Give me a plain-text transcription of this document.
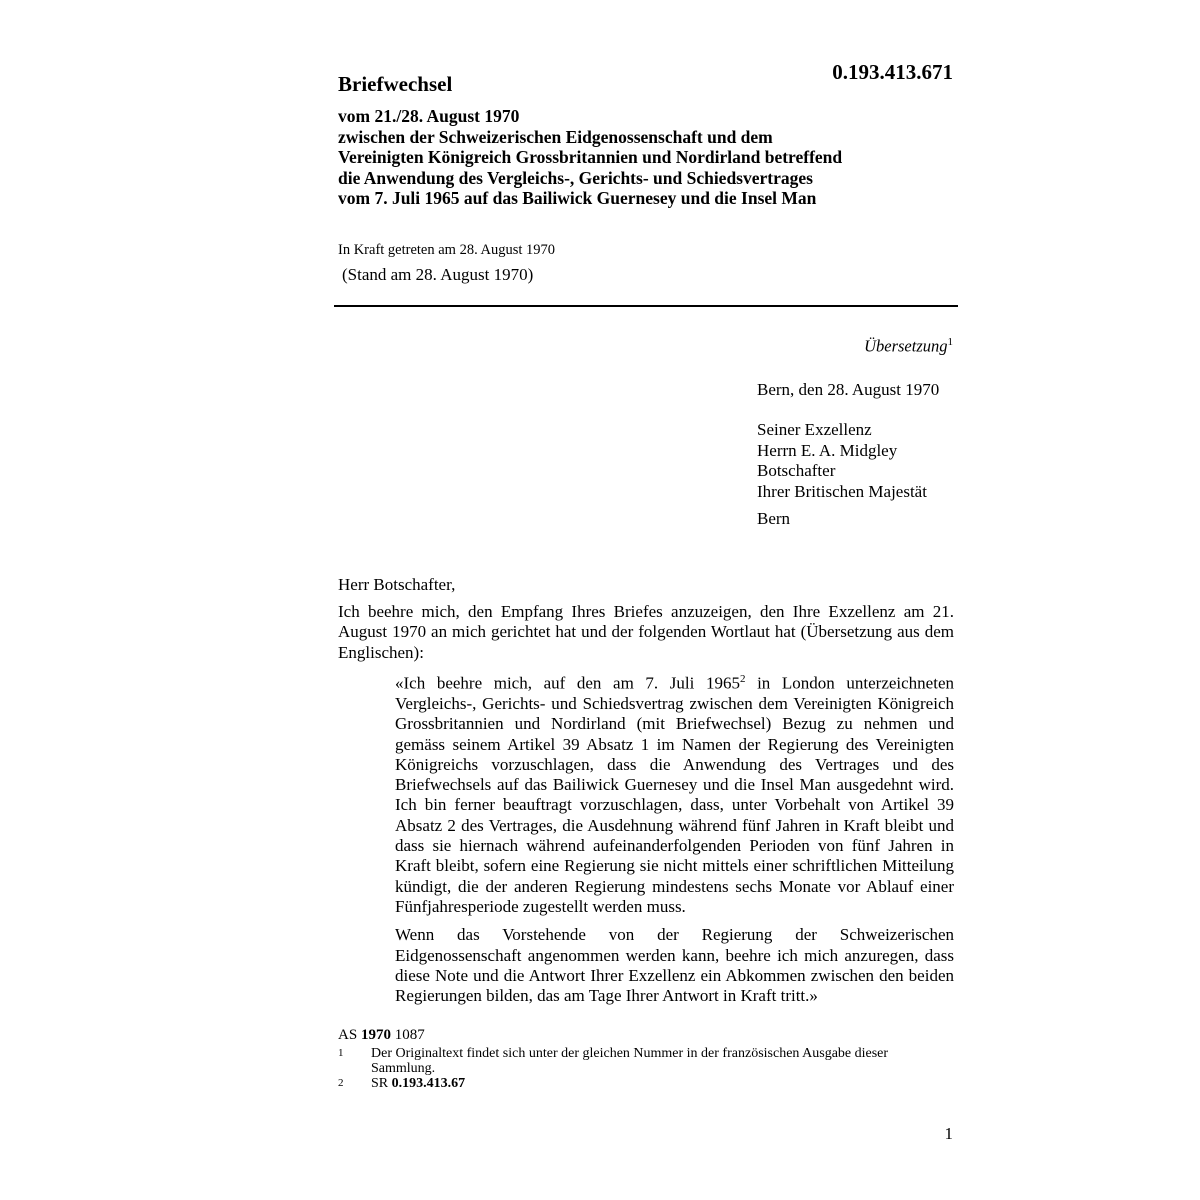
0.193.413.671
Briefwechsel
vom 21./28. August 1970
zwischen der Schweizerischen Eidgenossenschaft und dem
Vereinigten Königreich Grossbritannien und Nordirland betreffend
die Anwendung des Vergleichs-, Gerichts- und Schiedsvertrages
vom 7. Juli 1965 auf das Bailiwick Guernesey und die Insel Man
In Kraft getreten am 28. August 1970
(Stand am 28. August 1970)
Übersetzung$^1$
Bern, den 28. August 1970
Seiner Exzellenz
Herrn E. A. Midgley
Botschafter
Ihrer Britischen Majestät
Bern
Herr Botschafter,
Ich beehre mich, den Empfang Ihres Briefes anzuzeigen, den Ihre Exzellenz am 21. August 1970 an mich gerichtet hat und der folgenden Wortlaut hat (Übersetzung aus dem Englischen):

«Ich beehre mich, auf den am 7. Juli 1965$^2$ in London unterzeichneten Vergleichs-, Gerichts- und Schiedsvertrag zwischen dem Vereinigten Königreich Grossbritannien und Nordirland (mit Briefwechsel) Bezug zu nehmen und gemäss seinem Artikel 39 Absatz 1 im Namen der Regierung des Vereinigten Königreichs vorzuschlagen, dass die Anwendung des Vertrages und des Briefwechsels auf das Bailiwick Guernesey und die Insel Man ausgedehnt wird. Ich bin ferner beauftragt vorzuschlagen, dass, unter Vorbehalt von Artikel 39 Absatz 2 des Vertrages, die Ausdehnung während fünf Jahren in Kraft bleibt und dass sie hiernach während aufeinanderfolgenden Perioden von fünf Jahren in Kraft bleibt, sofern eine Regierung sie nicht mittels einer schriftlichen Mitteilung kündigt, die der anderen Regierung mindestens sechs Monate vor Ablauf einer Fünfjahresperiode zugestellt werden muss.

Wenn das Vorstehende von der Regierung der Schweizerischen Eidgenossenschaft angenommen werden kann, beehre ich mich anzuregen, dass diese Note und die Antwort Ihrer Exzellenz ein Abkommen zwischen den beiden Regierungen bilden, das am Tage Ihrer Antwort in Kraft tritt.»

AS 1970 1087
1	Der Originaltext findet sich unter der gleichen Nummer in der französischen Ausgabe dieser Sammlung.
2	SR 0.193.413.67
1
